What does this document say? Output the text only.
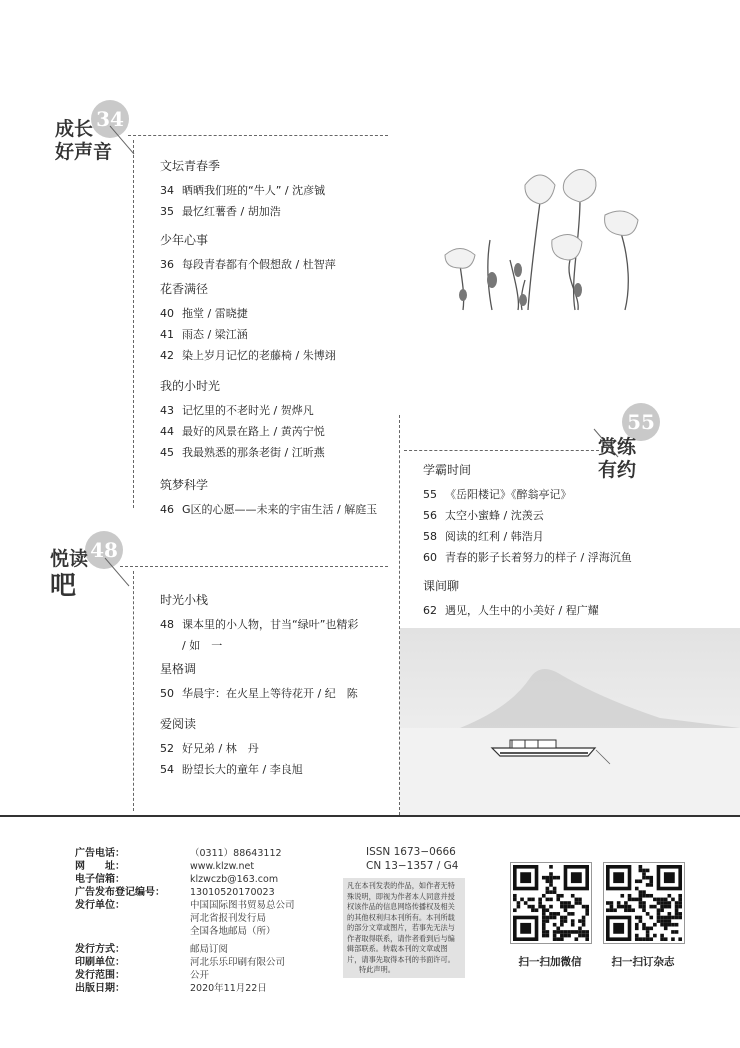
34
成长
好声音
文坛青春季
34 晒晒我们班的“牛人” / 沈彦铖
35 最忆红薯香 / 胡加浩
少年心事
36 每段青春都有个假想敌 / 杜智萍
花香满径
40 拖堂 / 雷晓捷
41 雨态 / 梁江涵
42 染上岁月记忆的老藤椅 / 朱博翊
我的小时光
43 记忆里的不老时光 / 贺烨凡
44 最好的风景在路上 / 黄芮宁悦
45 我最熟悉的那条老街 / 江昕燕
筑梦科学
46 G区的心愿——未来的宇宙生活 / 解庭玉
48
悦读
吧	时光小栈
48 课本里的小人物，甘当“绿叶”也精彩
/ 如　一
星格调
50 华晨宇：在火星上等待花开 / 纪　陈
爱阅读
52 好兄弟 / 林　丹
54 盼望长大的童年 / 李良旭
55
赏练
有约
学霸时间
55 《岳阳楼记》《醉翁亭记》
56 太空小蜜蜂 / 沈羡云
58 阅读的红利 / 韩浩月
60 青春的影子长着努力的样子 / 浮海沉鱼
课间聊
62 遇见，人生中的小美好 / 程广耀
广告电话：
网　　址：
电子信箱：
广告发布登记编号：
发行单位：
（0311）88643112
www.klzw.net
klzwczb@163.com
13010520170023
中国国际图书贸易总公司
河北省报刊发行局
全国各地邮局（所）
发行方式：
印刷单位：
发行范围：
出版日期：
邮局订阅
河北乐乐印刷有限公司
公开
2020年11月22日
ISSN 1673−0666
CN 13−1357 / G4
凡在本刊发表的作品，如作者无特殊说明，即视为作者本人同意并授权该作品的信息网络传播权及相关的其他权利归本刊所有。本刊所载的部分文章或图片，若事先无法与作者取得联系，请作者看到后与编辑部联系。转载本刊的文章或图片，请事先取得本刊的书面许可。
特此声明。
扫一扫加微信	扫一扫订杂志
